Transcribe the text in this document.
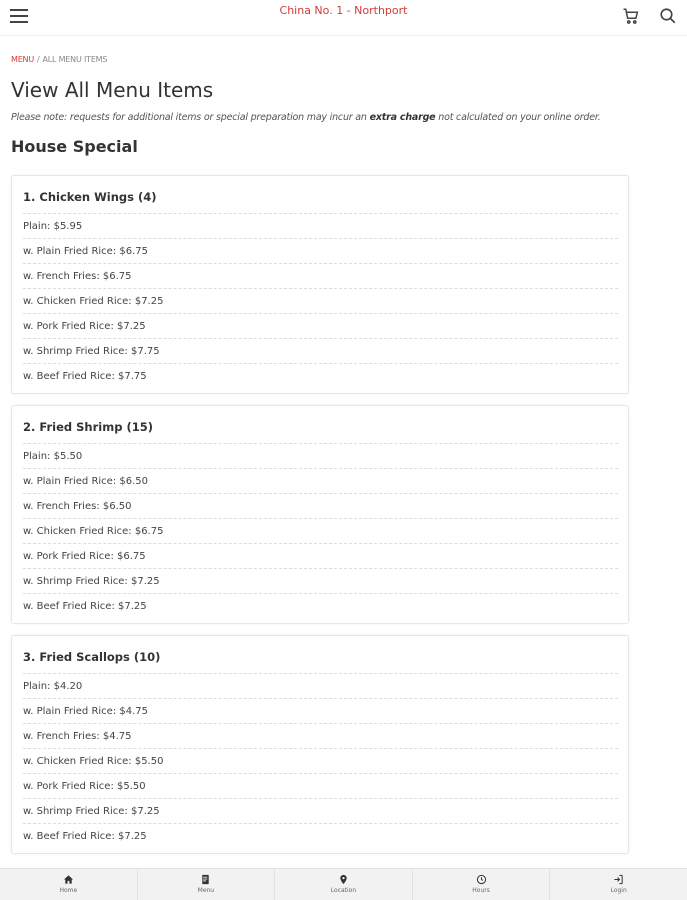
China No. 1 - Northport
MENU / ALL MENU ITEMS
View All Menu Items

Please note: requests for additional items or special preparation may incur an extra charge not calculated on your online order.

House Special
1. Chicken Wings (4)
Plain: $5.95
w. Plain Fried Rice: $6.75
w. French Fries: $6.75
w. Chicken Fried Rice: $7.25
w. Pork Fried Rice: $7.25
w. Shrimp Fried Rice: $7.75
w. Beef Fried Rice: $7.75
2. Fried Shrimp (15)
Plain: $5.50
w. Plain Fried Rice: $6.50
w. French Fries: $6.50
w. Chicken Fried Rice: $6.75
w. Pork Fried Rice: $6.75
w. Shrimp Fried Rice: $7.25
w. Beef Fried Rice: $7.25
3. Fried Scallops (10)
Plain: $4.20
w. Plain Fried Rice: $4.75
w. French Fries: $4.75
w. Chicken Fried Rice: $5.50
w. Pork Fried Rice: $5.50
w. Shrimp Fried Rice: $7.25
w. Beef Fried Rice: $7.25
Home	Menu	Location	Hours	Login
